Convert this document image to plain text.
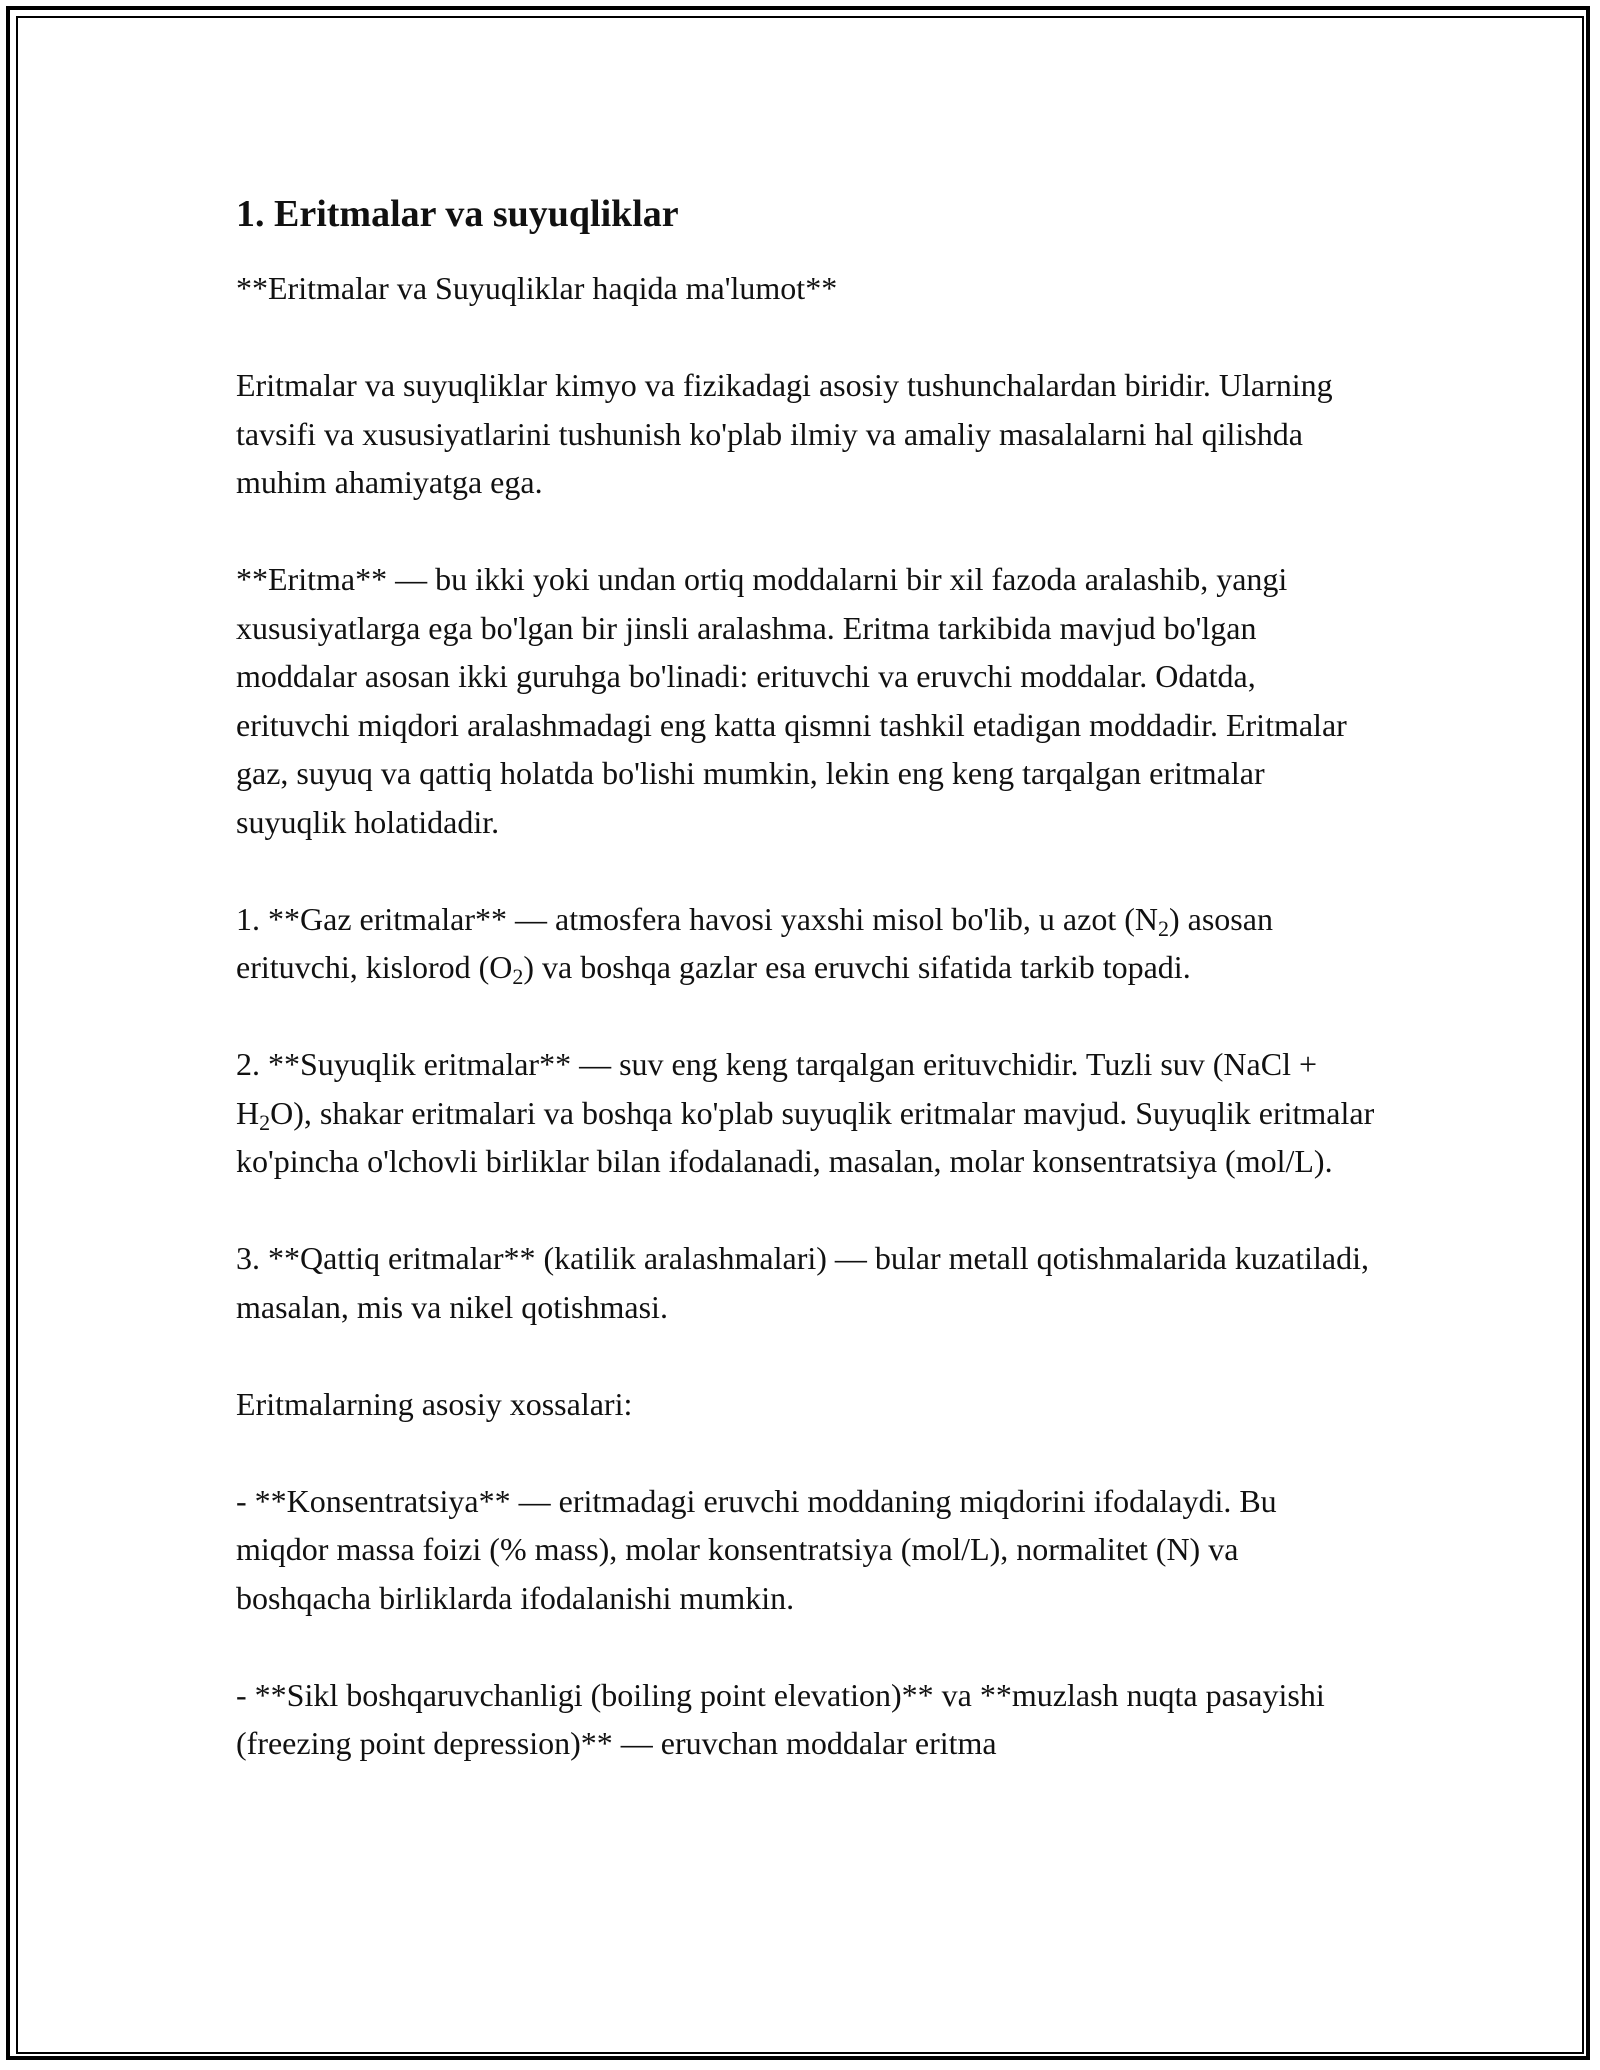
1. Eritmalar va suyuqliklar

**Eritmalar va Suyuqliklar haqida ma'lumot**

Eritmalar va suyuqliklar kimyo va fizikadagi asosiy tushunchalardan biridir. Ularning tavsifi va xususiyatlarini tushunish ko'plab ilmiy va amaliy masalalarni hal qilishda muhim ahamiyatga ega.

**Eritma** — bu ikki yoki undan ortiq moddalarni bir xil fazoda aralashib, yangi xususiyatlarga ega bo'lgan bir jinsli aralashma. Eritma tarkibida mavjud bo'lgan moddalar asosan ikki guruhga bo'linadi: erituvchi va eruvchi moddalar. Odatda, erituvchi miqdori aralashmadagi eng katta qismni tashkil etadigan moddadir. Eritmalar gaz, suyuq va qattiq holatda bo'lishi mumkin, lekin eng keng tarqalgan eritmalar suyuqlik holatidadir.

1. **Gaz eritmalar** — atmosfera havosi yaxshi misol bo'lib, u azot $(N_2)$ asosan erituvchi, kislorod $(O_2)$ va boshqa gazlar esa eruvchi sifatida tarkib topadi.

2. **Suyuqlik eritmalar** — suv eng keng tarqalgan erituvchidir. Tuzli suv (NaCl + $H_2O$), shakar eritmalari va boshqa ko'plab suyuqlik eritmalar mavjud. Suyuqlik eritmalar ko'pincha o'lchovli birliklar bilan ifodalanadi, masalan, molar konsentratsiya (mol/L).

3. **Qattiq eritmalar** (katilik aralashmalari) — bular metall qotishmalarida kuzatiladi, masalan, mis va nikel qotishmasi.

Eritmalarning asosiy xossalari:

- **Konsentratsiya** — eritmadagi eruvchi moddaning miqdorini ifodalaydi. Bu miqdor massa foizi (% mass), molar konsentratsiya (mol/L), normalitet (N) va boshqacha birliklarda ifodalanishi mumkin.

- **Sikl boshqaruvchanligi (boiling point elevation)** va **muzlash nuqta pasayishi (freezing point depression)** — eruvchan moddalar eritma
